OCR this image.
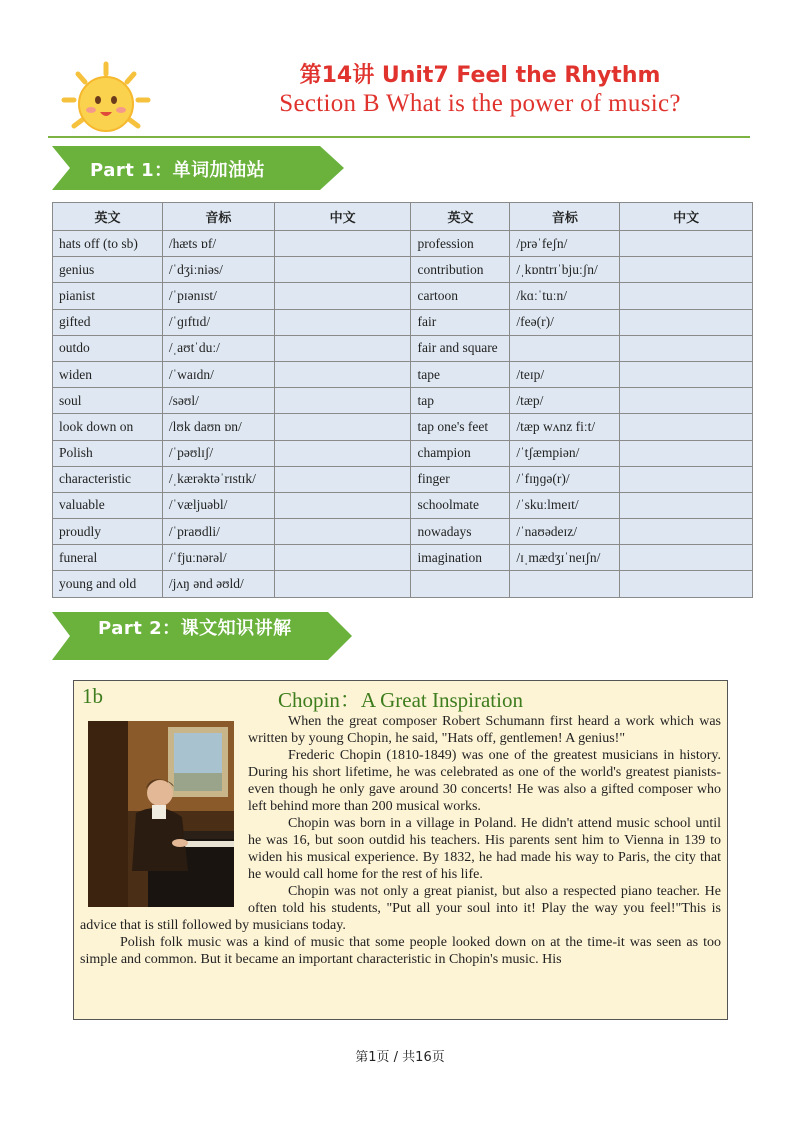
第14讲 Unit7 Feel the Rhythm
Section B What is the power of music?
Part 1：单词加油站
英文	音标	中文	英文	音标	中文
hats off (to sb)	/hæts ɒf/		profession	/prəˈfeʃn/	
genius	/ˈdʒiːniəs/		contribution	/ˌkɒntrɪˈbjuːʃn/	
pianist	/ˈpɪənɪst/		cartoon	/kɑːˈtuːn/	
gifted	/ˈɡɪftɪd/		fair	/feə(r)/	
outdo	/ˌaʊtˈduː/		fair and square		
widen	/ˈwaɪdn/		tape	/teɪp/	
soul	/səʊl/		tap	/tæp/	
look down on	/lʊk daʊn ɒn/		tap one's feet	/tæp wʌnz fiːt/	
Polish	/ˈpəʊlɪʃ/		champion	/ˈtʃæmpiən/	
characteristic	/ˌkærəktəˈrɪstɪk/		finger	/ˈfɪŋɡə(r)/	
valuable	/ˈvæljuəbl/		schoolmate	/ˈskuːlmeɪt/	
proudly	/ˈpraʊdli/		nowadays	/ˈnaʊədeɪz/	
funeral	/ˈfjuːnərəl/		imagination	/ɪˌmædʒɪˈneɪʃn/	
young and old	/jʌŋ ənd əʊld/				
Part 2：课文知识讲解
1b	Chopin：A Great Inspiration

When the great composer Robert Schumann first heard a work which was written by young Chopin, he said, "Hats off, gentlemen! A genius!"

Frederic Chopin (1810-1849) was one of the greatest musicians in history. During his short lifetime, he was celebrated as one of the world's greatest pianists-even though he only gave around 30 concerts! He was also a gifted composer who left behind more than 200 musical works.

Chopin was born in a village in Poland. He didn't attend music school until he was 16, but soon outdid his teachers. His parents sent him to Vienna in 139 to widen his musical experience. By 1832, he had made his way to Paris, the city that he would call home for the rest of his life.

Chopin was not only a great pianist, but also a respected piano teacher. He often told his students, "Put all your soul into it! Play the way you feel!"This is advice that is still followed by musicians today.

Polish folk music was a kind of music that some people looked down on at the time-it was seen as too simple and common. But it became an important characteristic in Chopin's music. His

第1页 / 共16页
